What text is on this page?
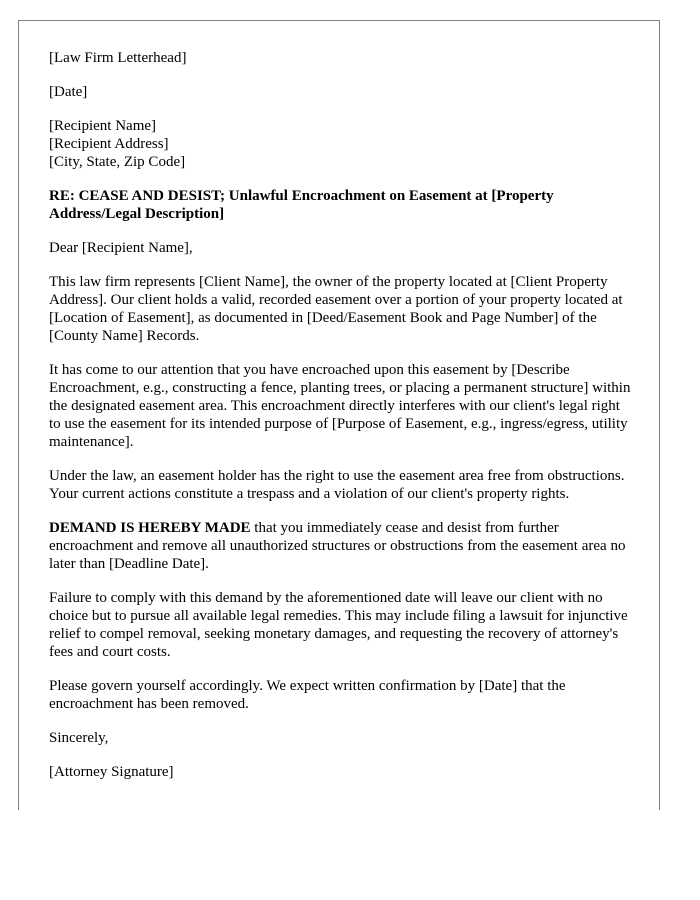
[Law Firm Letterhead]

[Date]

[Recipient Name]
[Recipient Address]
[City, State, Zip Code]

RE: CEASE AND DESIST; Unlawful Encroachment on Easement at [Property Address/Legal Description]

Dear [Recipient Name],

This law firm represents [Client Name], the owner of the property located at [Client Property Address]. Our client holds a valid, recorded easement over a portion of your property located at [Location of Easement], as documented in [Deed/Easement Book and Page Number] of the [County Name] Records.

It has come to our attention that you have encroached upon this easement by [Describe Encroachment, e.g., constructing a fence, planting trees, or placing a permanent structure] within the designated easement area. This encroachment directly interferes with our client's legal right to use the easement for its intended purpose of [Purpose of Easement, e.g., ingress/egress, utility maintenance].

Under the law, an easement holder has the right to use the easement area free from obstructions. Your current actions constitute a trespass and a violation of our client's property rights.

DEMAND IS HEREBY MADE that you immediately cease and desist from further encroachment and remove all unauthorized structures or obstructions from the easement area no later than [Deadline Date].

Failure to comply with this demand by the aforementioned date will leave our client with no choice but to pursue all available legal remedies. This may include filing a lawsuit for injunctive relief to compel removal, seeking monetary damages, and requesting the recovery of attorney's fees and court costs.

Please govern yourself accordingly. We expect written confirmation by [Date] that the encroachment has been removed.

Sincerely,

[Attorney Signature]
